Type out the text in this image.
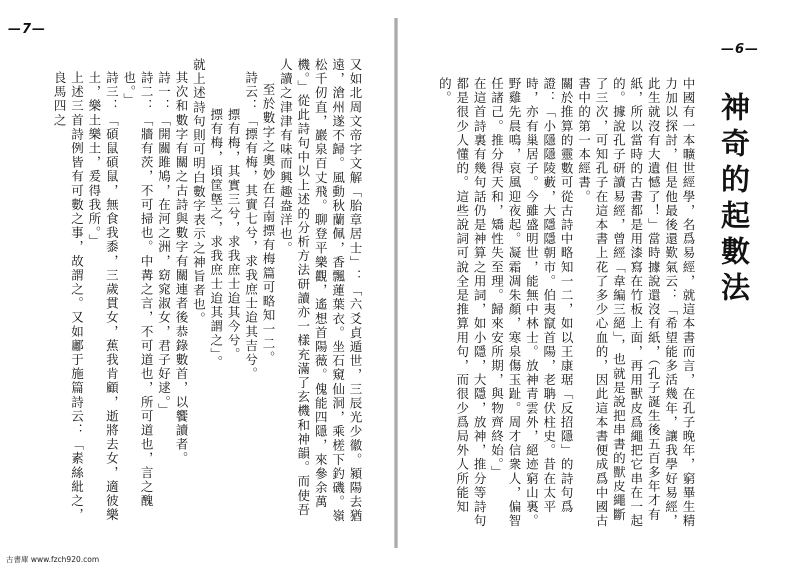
—7—

又如北周文帝字文解「胎章居士」：「六爻貞遁世，三辰光少徽。潁陽去猶遠，滄州遂不歸。風動秋蘭佩，香飄蓮葉衣。坐石窺仙洞，乘槎下釣磯。嶺松千仞直，巖泉百丈飛。聊登平樂觀，遙想首陽薇。傀能四隱，來參余萬機。」從此詩句中以上述的分析方法研讀亦一樣充滿了玄機和神韻。而使吾人讀之津津有味而興趣盎洋也。

至於數字之奧妙在召南摽有梅篇可略知一二。

詩云：「摽有梅，其實七兮，求我庶士迨其吉兮。

摽有梅，其實三兮，求我庶士迨其今兮。

摽有梅，頃筐墍之，求我庶士迨其謂之」。

就上述詩句則可明白數字表示之神旨者也。

其次和數字有關之古詩與數字有關連者後恭錄數首，以饗讀者。

詩一：「開關雎鳩，在河之洲，窈窕淑女，君子好逑。」

詩二：「牆有茨，不可掃也。中冓之言，不可道也，所可道也，言之醜也。」

詩三：「碩鼠碩鼠，無食我黍，三歲貫女，蕉我肯顧，逝將去女，適彼樂土，樂土樂土，爰得我所。」

上述三首詩例皆有可數之事，故謂之。又如鄘于施篇詩云：「素絲紕之，良馬四之

—6—
神奇的起數法

中國有一本曠世經學，名爲易經，就這本書而言，在孔子晚年，窮畢生精力加以探討，但是他最後還歎氣云：「希望能多活幾年，讓我學好易經，此生就沒有大遺憾了！」當時據說還沒有紙，（孔子誕生後五百多年才有紙，所以當時的古書都是用漆寫在竹板上面，再用獸皮爲繩把它串在一起的。據說孔子研讀易經，曾經「韋編三絕」，也就是說把串書的獸皮繩斷了三次，可知孔子在這本書上花了多少心血的，因此這本書便成爲中國古書中的第一本經書。

關於推算的靈數可從古詩中略知一二，如以王康琚「反招隱」的詩句爲證：「小隱隱陵藪，大隱隱朝市。伯夷竄首陽，老聃伏柱史。昔在太平時，亦有巢居子。今雖盛明世，能無中林士。放神青雲外，絕迹窮山裏。野雞先晨鳴，哀風迎夜起。凝霜凋朱顏，寒泉傷玉趾。周才信衆人，偏智任諸己。推分得天和，矯性失至理。歸來安所期，與物齊終始。」

在這首詩裏有幾句話仍是神算之用詞，如小隱，大隱，放神，推分等詩句都是很少人懂的。這些說詞可說全是推算用句，而很少爲局外人所能知的。

古書庫 www.fzch920.com
